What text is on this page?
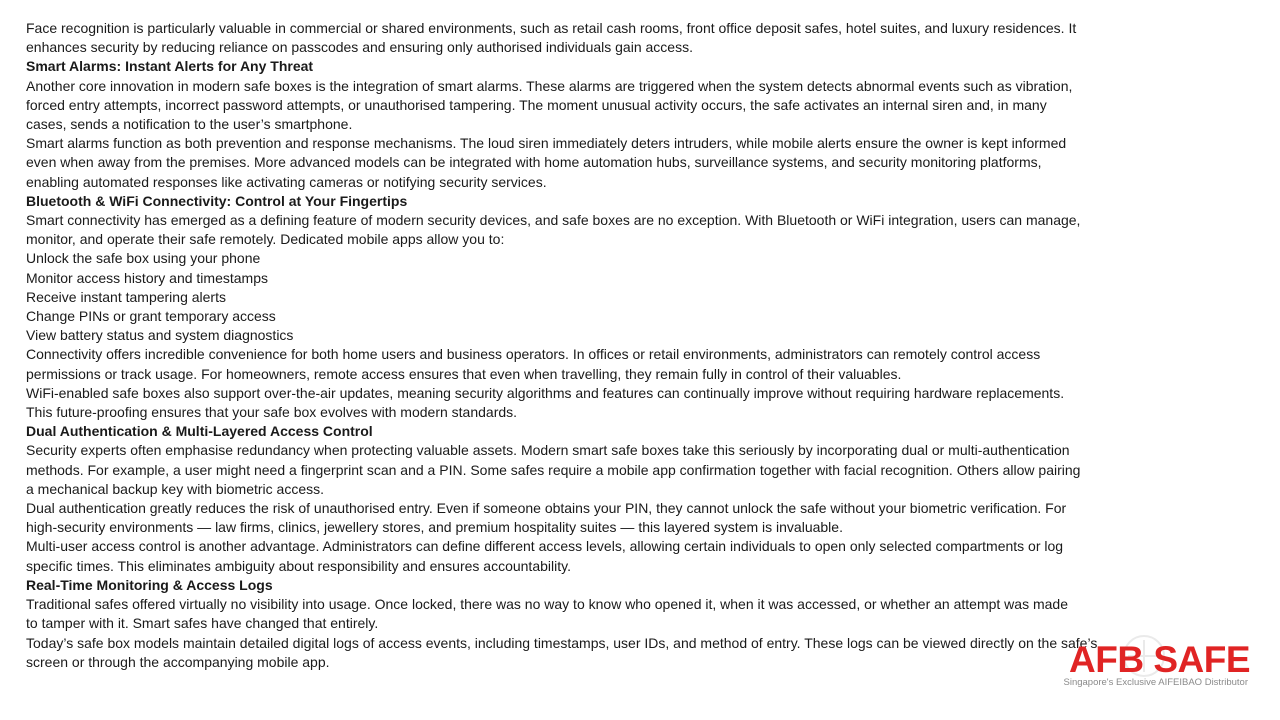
Face recognition is particularly valuable in commercial or shared environments, such as retail cash rooms, front office deposit safes, hotel suites, and luxury residences. It

enhances security by reducing reliance on passcodes and ensuring only authorised individuals gain access.

Smart Alarms: Instant Alerts for Any Threat

Another core innovation in modern safe boxes is the integration of smart alarms. These alarms are triggered when the system detects abnormal events such as vibration,

forced entry attempts, incorrect password attempts, or unauthorised tampering. The moment unusual activity occurs, the safe activates an internal siren and, in many

cases, sends a notification to the user’s smartphone.

Smart alarms function as both prevention and response mechanisms. The loud siren immediately deters intruders, while mobile alerts ensure the owner is kept informed

even when away from the premises. More advanced models can be integrated with home automation hubs, surveillance systems, and security monitoring platforms,

enabling automated responses like activating cameras or notifying security services.

Bluetooth & WiFi Connectivity: Control at Your Fingertips

Smart connectivity has emerged as a defining feature of modern security devices, and safe boxes are no exception. With Bluetooth or WiFi integration, users can manage,

monitor, and operate their safe remotely. Dedicated mobile apps allow you to:

Unlock the safe box using your phone

Monitor access history and timestamps

Receive instant tampering alerts

Change PINs or grant temporary access

View battery status and system diagnostics

Connectivity offers incredible convenience for both home users and business operators. In offices or retail environments, administrators can remotely control access

permissions or track usage. For homeowners, remote access ensures that even when travelling, they remain fully in control of their valuables.

WiFi-enabled safe boxes also support over-the-air updates, meaning security algorithms and features can continually improve without requiring hardware replacements.

This future-proofing ensures that your safe box evolves with modern standards.

Dual Authentication & Multi-Layered Access Control

Security experts often emphasise redundancy when protecting valuable assets. Modern smart safe boxes take this seriously by incorporating dual or multi-authentication

methods. For example, a user might need a fingerprint scan and a PIN. Some safes require a mobile app confirmation together with facial recognition. Others allow pairing

a mechanical backup key with biometric access.

Dual authentication greatly reduces the risk of unauthorised entry. Even if someone obtains your PIN, they cannot unlock the safe without your biometric verification. For

high-security environments — law firms, clinics, jewellery stores, and premium hospitality suites — this layered system is invaluable.

Multi-user access control is another advantage. Administrators can define different access levels, allowing certain individuals to open only selected compartments or log

specific times. This eliminates ambiguity about responsibility and ensures accountability.

Real-Time Monitoring & Access Logs

Traditional safes offered virtually no visibility into usage. Once locked, there was no way to know who opened it, when it was accessed, or whether an attempt was made

to tamper with it. Smart safes have changed that entirely.

Today’s safe box models maintain detailed digital logs of access events, including timestamps, user IDs, and method of entry. These logs can be viewed directly on the safe’s

screen or through the accompanying mobile app.	AFB SAFE
Singapore's Exclusive AIFEIBAO Distributor
